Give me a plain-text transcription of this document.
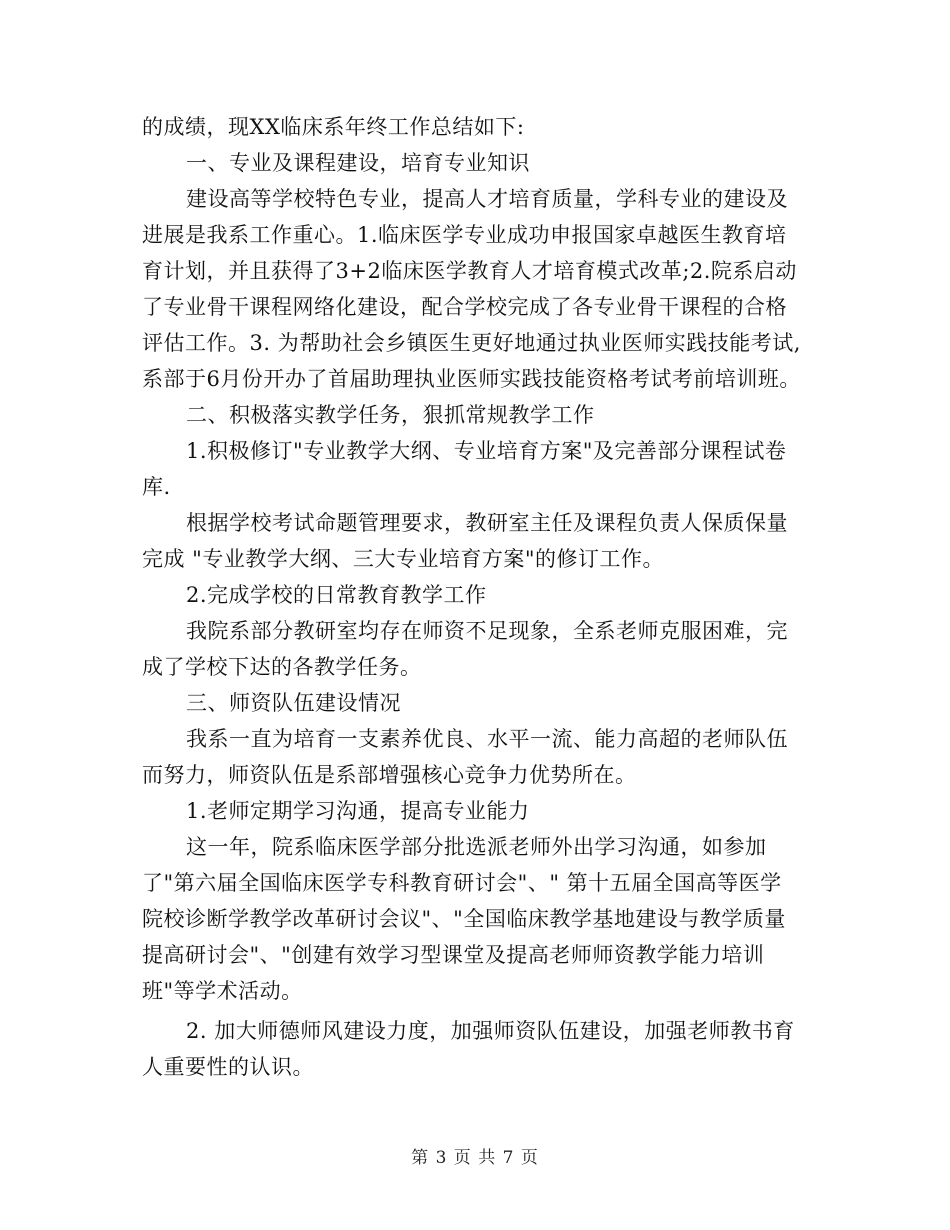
的成绩，现XX临床系年终工作总结如下:
一、专业及课程建设，培育专业知识
建设高等学校特色专业，提高人才培育质量，学科专业的建设及
进展是我系工作重心。1.临床医学专业成功申报国家卓越医生教育培
育计划，并且获得了3+2临床医学教育人才培育模式改革;2.院系启动
了专业骨干课程网络化建设，配合学校完成了各专业骨干课程的合格
评估工作。3. 为帮助社会乡镇医生更好地通过执业医师实践技能考试,
系部于6月份开办了首届助理执业医师实践技能资格考试考前培训班。
二、积极落实教学任务，狠抓常规教学工作
1.积极修订"专业教学大纲、专业培育方案"及完善部分课程试卷
库.
根据学校考试命题管理要求，教研室主任及课程负责人保质保量
完成 "专业教学大纲、三大专业培育方案"的修订工作。
2.完成学校的日常教育教学工作
我院系部分教研室均存在师资不足现象，全系老师克服困难，完
成了学校下达的各教学任务。
三、师资队伍建设情况
我系一直为培育一支素养优良、水平一流、能力高超的老师队伍
而努力，师资队伍是系部增强核心竞争力优势所在。
1.老师定期学习沟通，提高专业能力
这一年，院系临床医学部分批选派老师外出学习沟通，如参加
了"第六届全国临床医学专科教育研讨会"、" 第十五届全国高等医学
院校诊断学教学改革研讨会议"、"全国临床教学基地建设与教学质量
提高研讨会"、"创建有效学习型课堂及提高老师师资教学能力培训
班"等学术活动。
2. 加大师德师风建设力度，加强师资队伍建设，加强老师教书育
人重要性的认识。
第 3 页 共 7 页
